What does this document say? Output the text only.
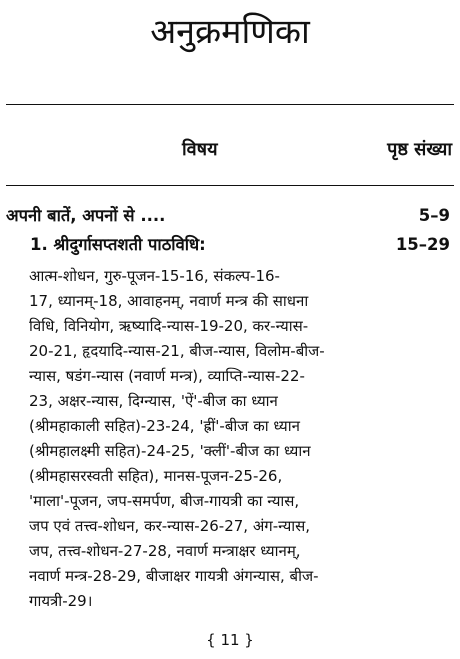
अनुक्रमणिका
विषय	पृष्ठ संख्या
अपनी बातें, अपनों से ....	5–9
1. श्रीदुर्गासप्तशती पाठविधि:	15–29
आत्म-शोधन, गुरु-पूजन-15-16, संकल्प-16-
17, ध्यानम्-18, आवाहनम्, नवार्ण मन्त्र की साधना
विधि, विनियोग, ऋष्यादि-न्यास-19-20, कर-न्यास-
20-21, हृदयादि-न्यास-21, बीज-न्यास, विलोम-बीज-
न्यास, षडंग-न्यास (नवार्ण मन्त्र), व्याप्ति-न्यास-22-
23, अक्षर-न्यास, दिग्न्यास, 'ऐं'-बीज का ध्यान
(श्रीमहाकाली सहित)-23-24, 'ह्रीं'-बीज का ध्यान
(श्रीमहालक्ष्मी सहित)-24-25, 'क्लीं'-बीज का ध्यान
(श्रीमहासरस्वती सहित), मानस-पूजन-25-26,
'माला'-पूजन, जप-समर्पण, बीज-गायत्री का न्यास,
जप एवं तत्त्व-शोधन, कर-न्यास-26-27, अंग-न्यास,
जप, तत्त्व-शोधन-27-28, नवार्ण मन्त्राक्षर ध्यानम्,
नवार्ण मन्त्र-28-29, बीजाक्षर गायत्री अंगन्यास, बीज-
गायत्री-29।
{ 11 }
